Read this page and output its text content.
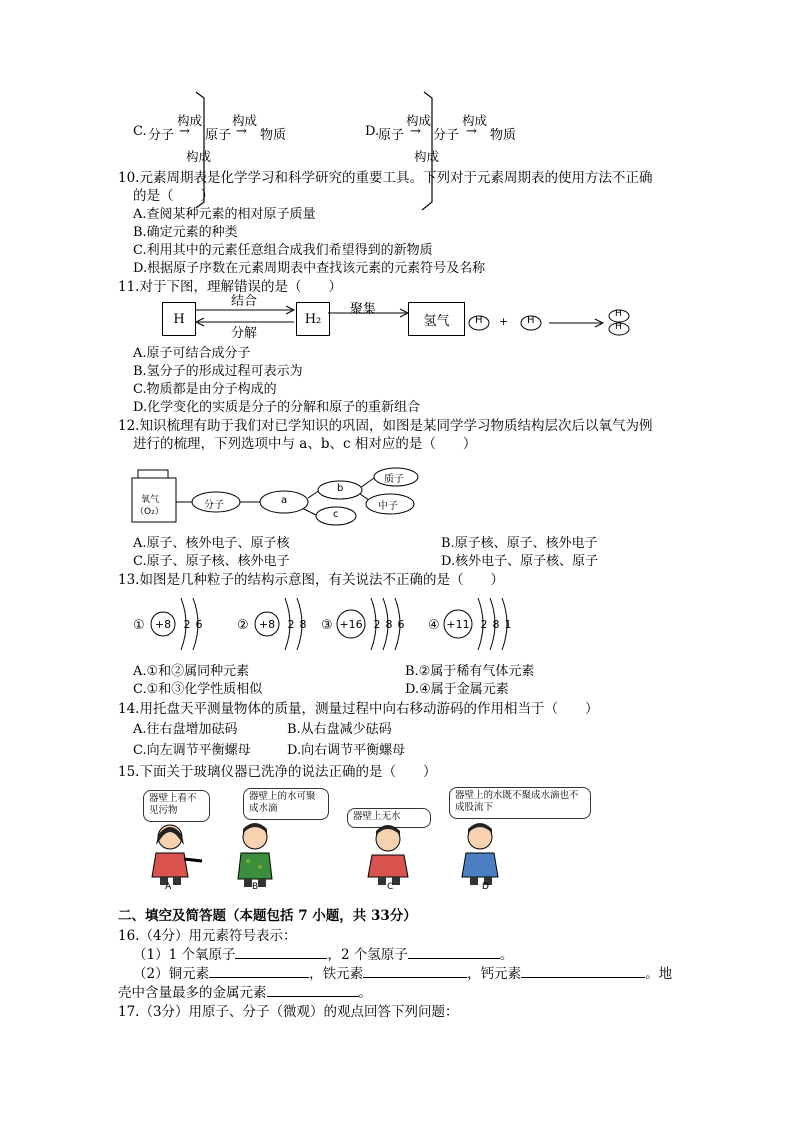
C. 分子
构成
→ 原子
构成
→ 物质
构成
D.
原子
构成
→ 分子
构成
→ 物质
构成
10.元素周期表是化学学习和科学研究的重要工具。下列对于元素周期表的使用方法不正确
的是（　　）
A.查阅某种元素的相对原子质量
B.确定元素的种类
C.利用其中的元素任意组合成我们希望得到的新物质
D.根据原子序数在元素周期表中查找该元素的元素符号及名称
11.对于下图，理解错误的是（　　）
H	H₂	氢气
结合
分解
聚集
H + H
H
H
A.原子可结合成分子
B.氢分子的形成过程可表示为
C.物质都是由分子构成的
D.化学变化的实质是分子的分解和原子的重新组合
12.知识梳理有助于我们对已学知识的巩固，如图是某同学学习物质结构层次后以氧气为例
进行的梳理，下列选项中与 a、b、c 相对应的是（　　）
氧气
（O₂）
分子	a
b
c
质子
中子
A.原子、核外电子、原子核	B.原子核、原子、核外电子
C.原子、原子核、核外电子	D.核外电子、原子核、原子
13.如图是几种粒子的结构示意图，有关说法不正确的是（　　）
① +8 2 6	② +8 2 8 ③ +16 2 8 6 ④ +11 2 8 1
A.①和②属同种元素	B.②属于稀有气体元素
C.①和③化学性质相似	D.④属于金属元素
14.用托盘天平测量物体的质量，测量过程中向右移动游码的作用相当于（　　）
A.往右盘增加砝码	B.从右盘减少砝码
C.向左调节平衡螺母	D.向右调节平衡螺母
15.下面关于玻璃仪器已洗净的说法正确的是（　　）
器壁上看不见污物
器壁上的水可聚成水滴
器壁上无水
器壁上的水既不聚成水滴也不成股流下
A	B	C	D
二、填空及简答题（本题包括 7 小题，共 33分）
16.（4分）用元素符号表示：
（1）1 个氧原子	，2 个氢原子	。
（2）铜元素	，铁元素	，钙元素	。地
壳中含量最多的金属元素	。
17.（3分）用原子、分子（微观）的观点回答下列问题：
